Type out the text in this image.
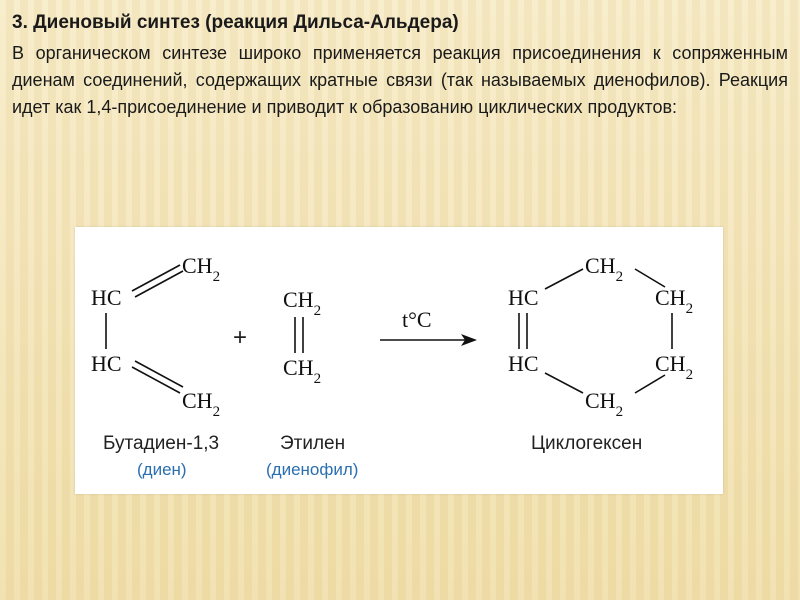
3. Диеновый синтез (реакция Дильса-Альдера)
В органическом синтезе широко применяется реакция присоединения к сопряженным диенам соединений, содержащих кратные связи (так называемых диенофилов). Реакция идет как 1,4-присоединение и приводит к образованию циклических продуктов:
HC
HC
$CH_2$
$CH_2$
Бутадиен-1,3
(диен)
+
$CH_2$
$CH_2$
Этилен
(диенофил)
t°C
HC
HC
$CH_2$
$CH_2$
$CH_2$
$CH_2$
Циклогексен
